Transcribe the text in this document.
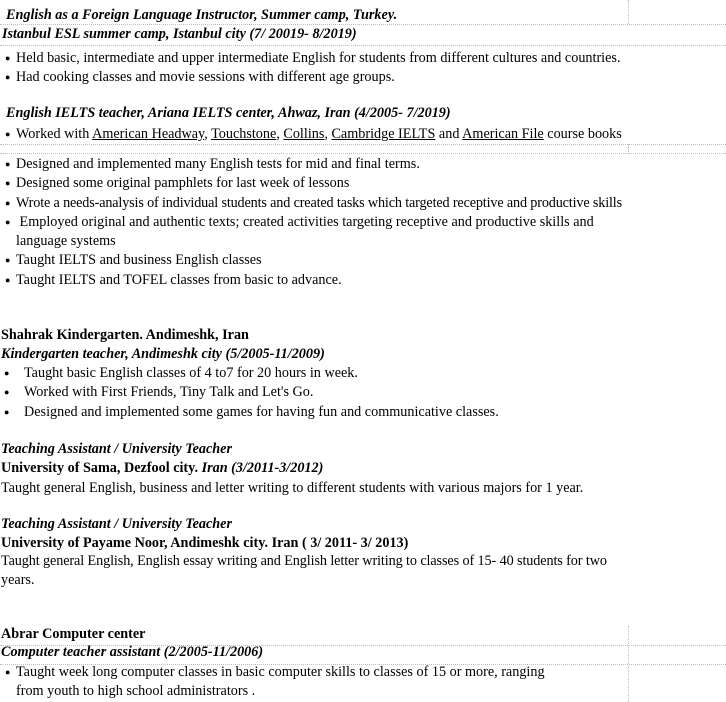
English as a Foreign Language Instructor, Summer camp, Turkey.
Istanbul ESL summer camp, Istanbul city (7/ 20019- 8/2019)
● Held basic, intermediate and upper intermediate English for students from different cultures and countries.
● Had cooking classes and movie sessions with different age groups.
English IELTS teacher, Ariana IELTS center, Ahwaz, Iran (4/2005- 7/2019)
● Worked with American Headway, Touchstone, Collins, Cambridge IELTS and American File course books
● Designed and implemented many English tests for mid and final terms.
● Designed some original pamphlets for last week of lessons
● Wrote a needs-analysis of individual students and created tasks which targeted receptive and productive skills
● Employed original and authentic texts; created activities targeting receptive and productive skills and
language systems
● Taught IELTS and business English classes
● Taught IELTS and TOFEL classes from basic to advance.
Shahrak Kindergarten. Andimeshk, Iran
Kindergarten teacher, Andimeshk city (5/2005-11/2009)
● Taught basic English classes of 4 to7 for 20 hours in week.
● Worked with First Friends, Tiny Talk and Let's Go.
● Designed and implemented some games for having fun and communicative classes.
Teaching Assistant / University Teacher
University of Sama, Dezfool city. Iran (3/2011-3/2012)
Taught general English, business and letter writing to different students with various majors for 1 year.
Teaching Assistant / University Teacher
University of Payame Noor, Andimeshk city. Iran ( 3/ 2011- 3/ 2013)
Taught general English, English essay writing and English letter writing to classes of 15- 40 students for two
years.
Abrar Computer center
Computer teacher assistant (2/2005-11/2006)
● Taught week long computer classes in basic computer skills to classes of 15 or more, ranging
from youth to high school administrators .
